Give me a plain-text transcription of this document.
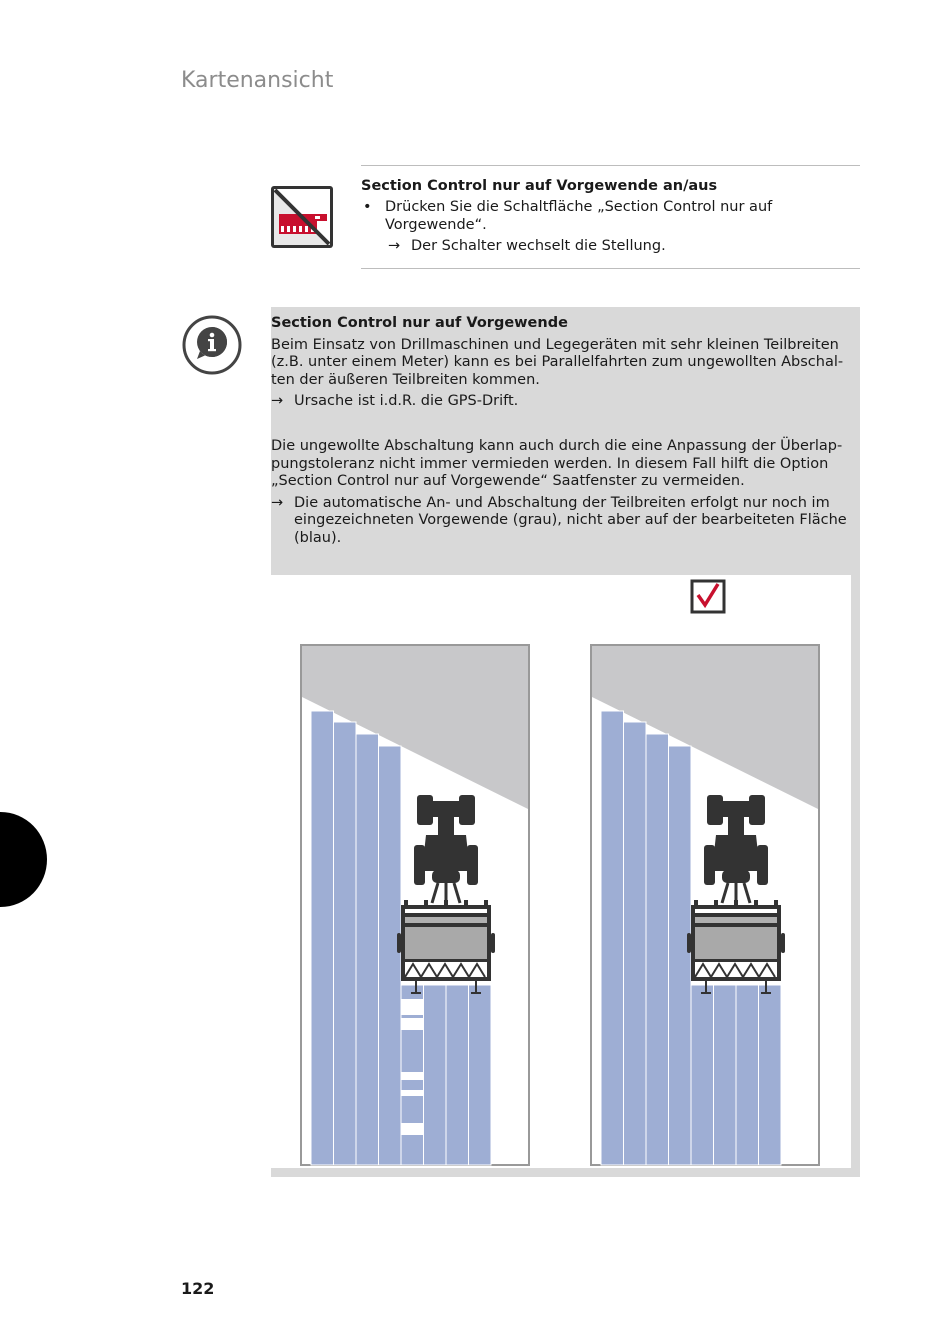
Kartenansicht
Section Control nur auf Vorgewende an/aus
• Drücken Sie die Schaltfläche „Section Control nur auf
Vorgewende“.
→ Der Schalter wechselt die Stellung.
Section Control nur auf Vorgewende

Beim Einsatz von Drillmaschinen und Legegeräten mit sehr kleinen Teilbreiten

(z.B. unter einem Meter) kann es bei Parallelfahrten zum ungewollten Abschal-

ten der äußeren Teilbreiten kommen.

→ Ursache ist i.d.R. die GPS-Drift.

Die ungewollte Abschaltung kann auch durch die eine Anpassung der Überlap-

pungstoleranz nicht immer vermieden werden. In diesem Fall hilft die Option

„Section Control nur auf Vorgewende“ Saatfenster zu vermeiden.

→ Die automatische An- und Abschaltung der Teilbreiten erfolgt nur noch im
eingezeichneten Vorgewende (grau), nicht aber auf der bearbeiteten Fläche
(blau).
122
